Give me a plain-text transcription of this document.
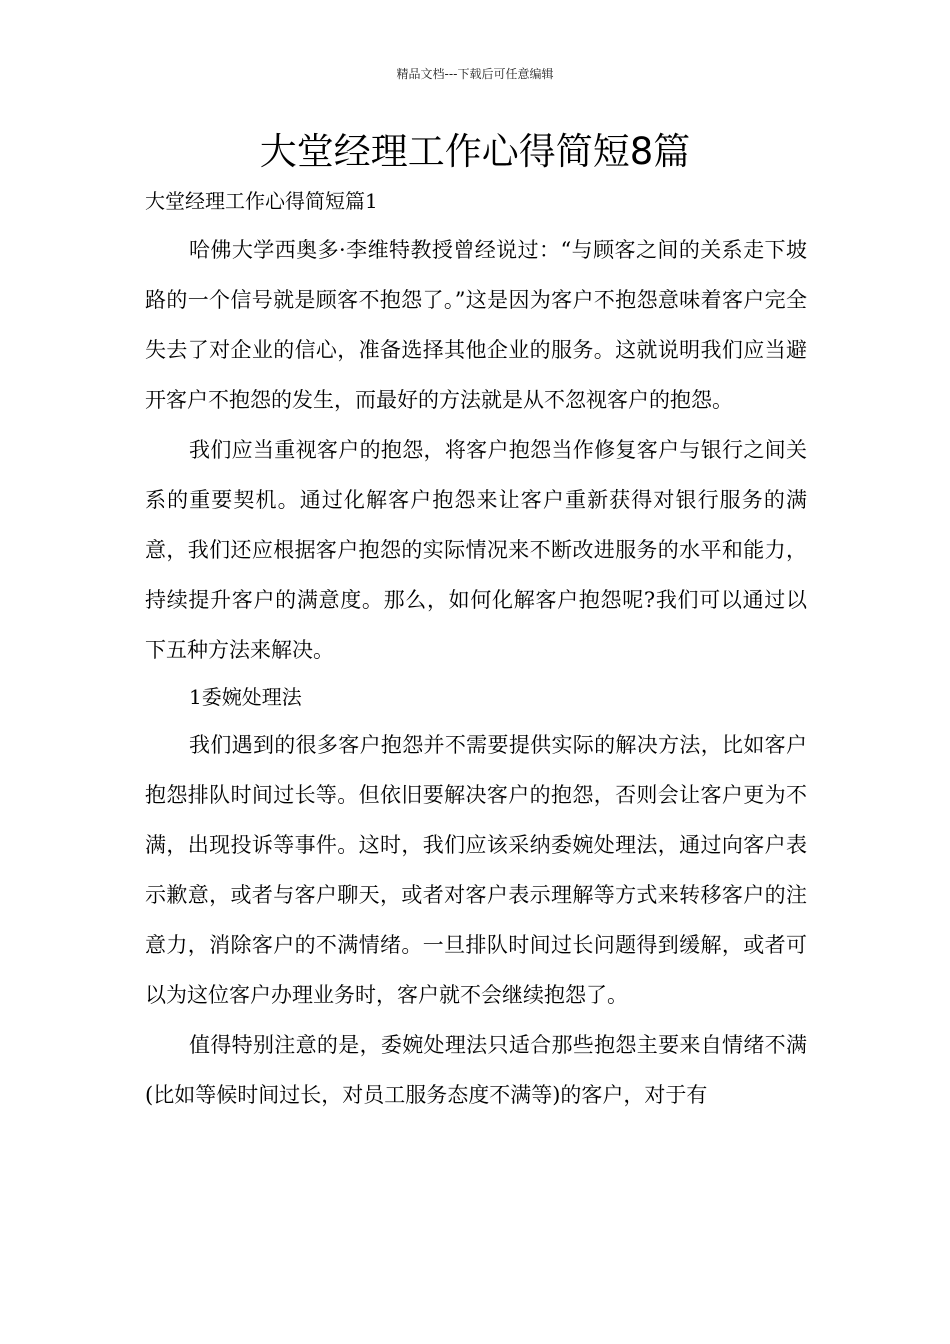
精品文档---下载后可任意编辑
大堂经理工作心得简短8篇

大堂经理工作心得简短篇1

哈佛大学西奥多·李维特教授曾经说过：“与顾客之间的关系走下坡路的一个信号就是顾客不抱怨了。”这是因为客户不抱怨意味着客户完全失去了对企业的信心，准备选择其他企业的服务。这就说明我们应当避开客户不抱怨的发生，而最好的方法就是从不忽视客户的抱怨。

我们应当重视客户的抱怨，将客户抱怨当作修复客户与银行之间关系的重要契机。通过化解客户抱怨来让客户重新获得对银行服务的满意，我们还应根据客户抱怨的实际情况来不断改进服务的水平和能力，持续提升客户的满意度。那么，如何化解客户抱怨呢?我们可以通过以下五种方法来解决。

1委婉处理法

我们遇到的很多客户抱怨并不需要提供实际的解决方法，比如客户抱怨排队时间过长等。但依旧要解决客户的抱怨，否则会让客户更为不满，出现投诉等事件。这时，我们应该采纳委婉处理法，通过向客户表示歉意，或者与客户聊天，或者对客户表示理解等方式来转移客户的注意力，消除客户的不满情绪。一旦排队时间过长问题得到缓解，或者可以为这位客户办理业务时，客户就不会继续抱怨了。

值得特别注意的是，委婉处理法只适合那些抱怨主要来自情绪不满(比如等候时间过长，对员工服务态度不满等)的客户，对于有
